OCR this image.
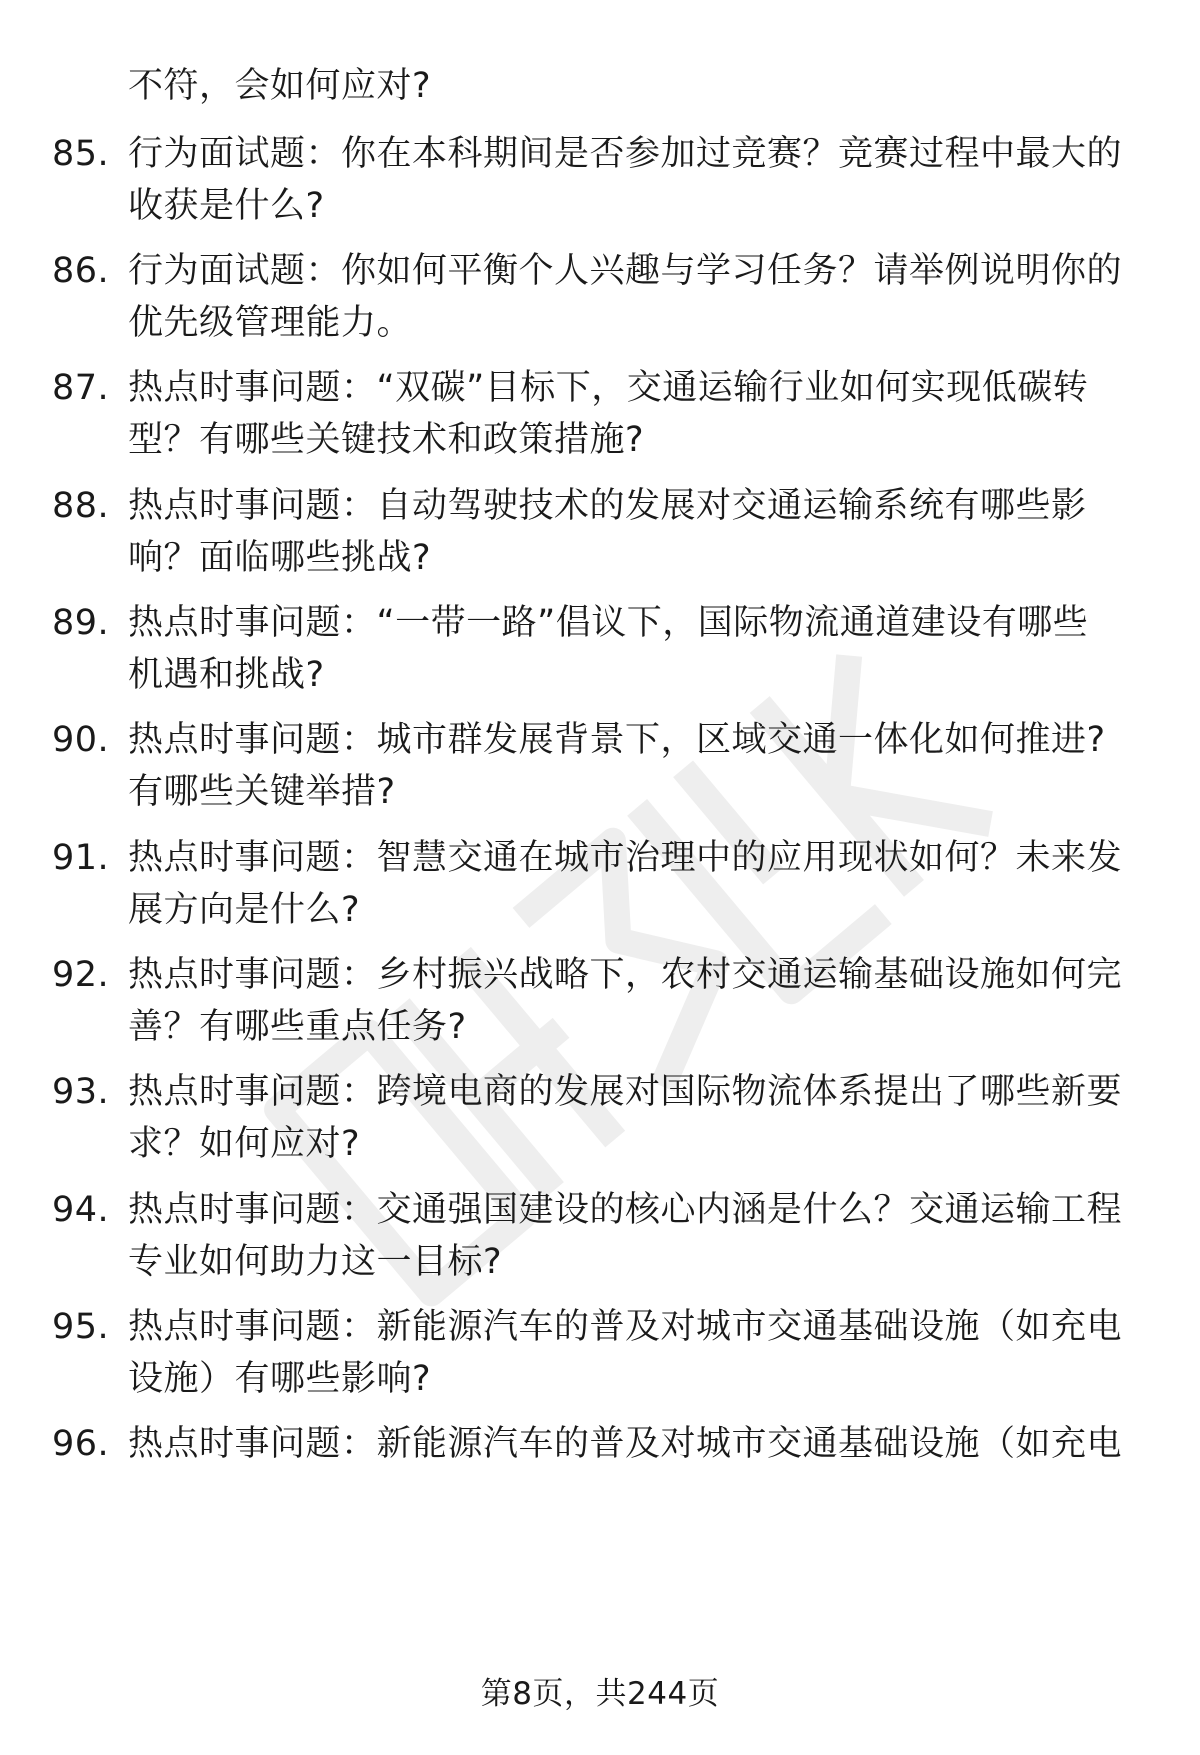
不符，会如何应对?
85. 行为面试题：你在本科期间是否参加过竞赛？竞赛过程中最大的
收获是什么?
86. 行为面试题：你如何平衡个人兴趣与学习任务？请举例说明你的
优先级管理能力。
87. 热点时事问题：“双碳”目标下，交通运输行业如何实现低碳转
型？有哪些关键技术和政策措施?
88. 热点时事问题：自动驾驶技术的发展对交通运输系统有哪些影
响？面临哪些挑战?
89. 热点时事问题：“一带一路”倡议下，国际物流通道建设有哪些
机遇和挑战?
90. 热点时事问题：城市群发展背景下，区域交通一体化如何推进?
有哪些关键举措?
91. 热点时事问题：智慧交通在城市治理中的应用现状如何？未来发
展方向是什么?
92. 热点时事问题：乡村振兴战略下，农村交通运输基础设施如何完
善？有哪些重点任务?
93. 热点时事问题：跨境电商的发展对国际物流体系提出了哪些新要
求？如何应对?
94. 热点时事问题：交通强国建设的核心内涵是什么？交通运输工程
专业如何助力这一目标?
95. 热点时事问题：新能源汽车的普及对城市交通基础设施（如充电
设施）有哪些影响?
96. 热点时事问题：新能源汽车的普及对城市交通基础设施（如充电
第8页，共244页
